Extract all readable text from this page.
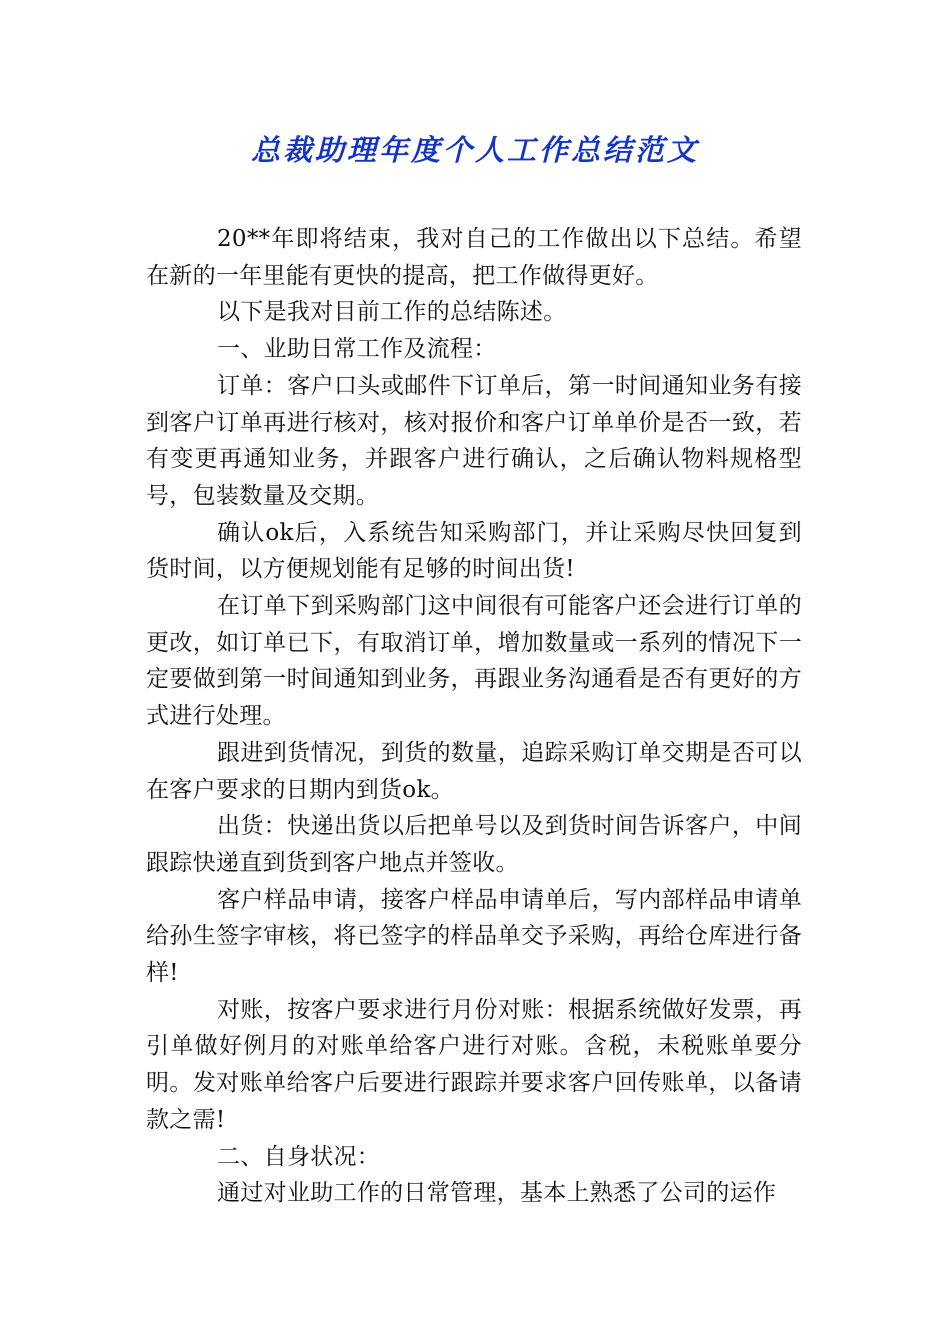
总裁助理年度个人工作总结范文

20**年即将结束，我对自己的工作做出以下总结。希望在新的一年里能有更快的提高，把工作做得更好。

以下是我对目前工作的总结陈述。

一、业助日常工作及流程：

订单：客户口头或邮件下订单后，第一时间通知业务有接到客户订单再进行核对，核对报价和客户订单单价是否一致，若有变更再通知业务，并跟客户进行确认，之后确认物料规格型号，包装数量及交期。

确认ok后，入系统告知采购部门，并让采购尽快回复到货时间，以方便规划能有足够的时间出货!

在订单下到采购部门这中间很有可能客户还会进行订单的更改，如订单已下，有取消订单，增加数量或一系列的情况下一定要做到第一时间通知到业务，再跟业务沟通看是否有更好的方式进行处理。

跟进到货情况，到货的数量，追踪采购订单交期是否可以在客户要求的日期内到货ok。

出货：快递出货以后把单号以及到货时间告诉客户，中间跟踪快递直到货到客户地点并签收。

客户样品申请，接客户样品申请单后，写内部样品申请单给孙生签字审核，将已签字的样品单交予采购，再给仓库进行备样!

对账，按客户要求进行月份对账：根据系统做好发票，再引单做好例月的对账单给客户进行对账。含税，未税账单要分明。发对账单给客户后要进行跟踪并要求客户回传账单，以备请款之需!

二、自身状况：

通过对业助工作的日常管理，基本上熟悉了公司的运作
